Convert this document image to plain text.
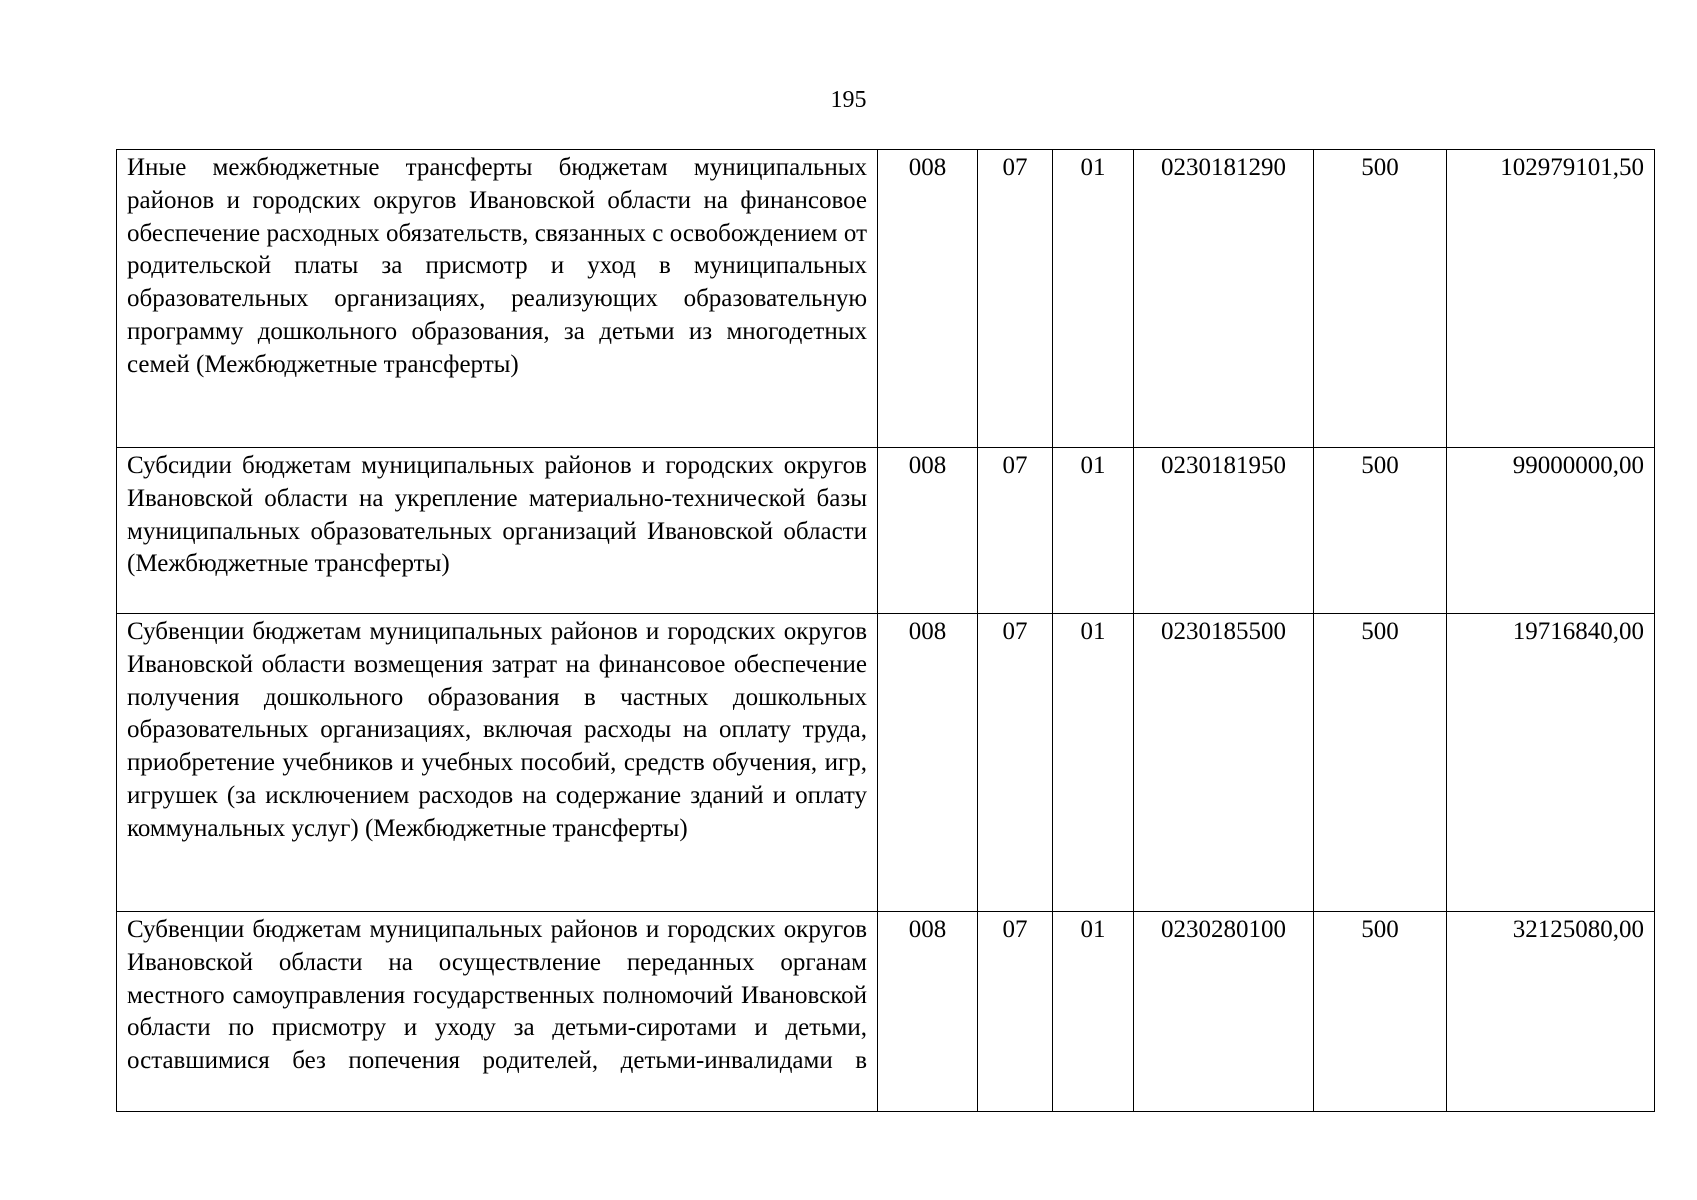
195
Иные межбюджетные трансферты бюджетам муниципальных районов и городских округов Ивановской области на финансовое обеспечение расходных обязательств, связанных с освобождением от родительской платы за присмотр и уход в муниципальных образовательных организациях, реализующих образовательную программу дошкольного образования, за детьми из многодетных семей (Межбюджетные трансферты)	008	07	01	0230181290	500	102979101,50
Субсидии бюджетам муниципальных районов и городских округов Ивановской области на укрепление материально-технической базы муниципальных образовательных организаций Ивановской области (Межбюджетные трансферты)	008	07	01	0230181950	500	99000000,00
Субвенции бюджетам муниципальных районов и городских округов Ивановской области возмещения затрат на финансовое обеспечение получения дошкольного образования в частных дошкольных образовательных организациях, включая расходы на оплату труда, приобретение учебников и учебных пособий, средств обучения, игр, игрушек (за исключением расходов на содержание зданий и оплату коммунальных услуг) (Межбюджетные трансферты)	008	07	01	0230185500	500	19716840,00
Субвенции бюджетам муниципальных районов и городских округов Ивановской области на осуществление переданных органам местного самоуправления государственных полномочий Ивановской области по присмотру и уходу за детьми-сиротами и детьми, оставшимися без попечения родителей, детьми-инвалидами в	008	07	01	0230280100	500	32125080,00
